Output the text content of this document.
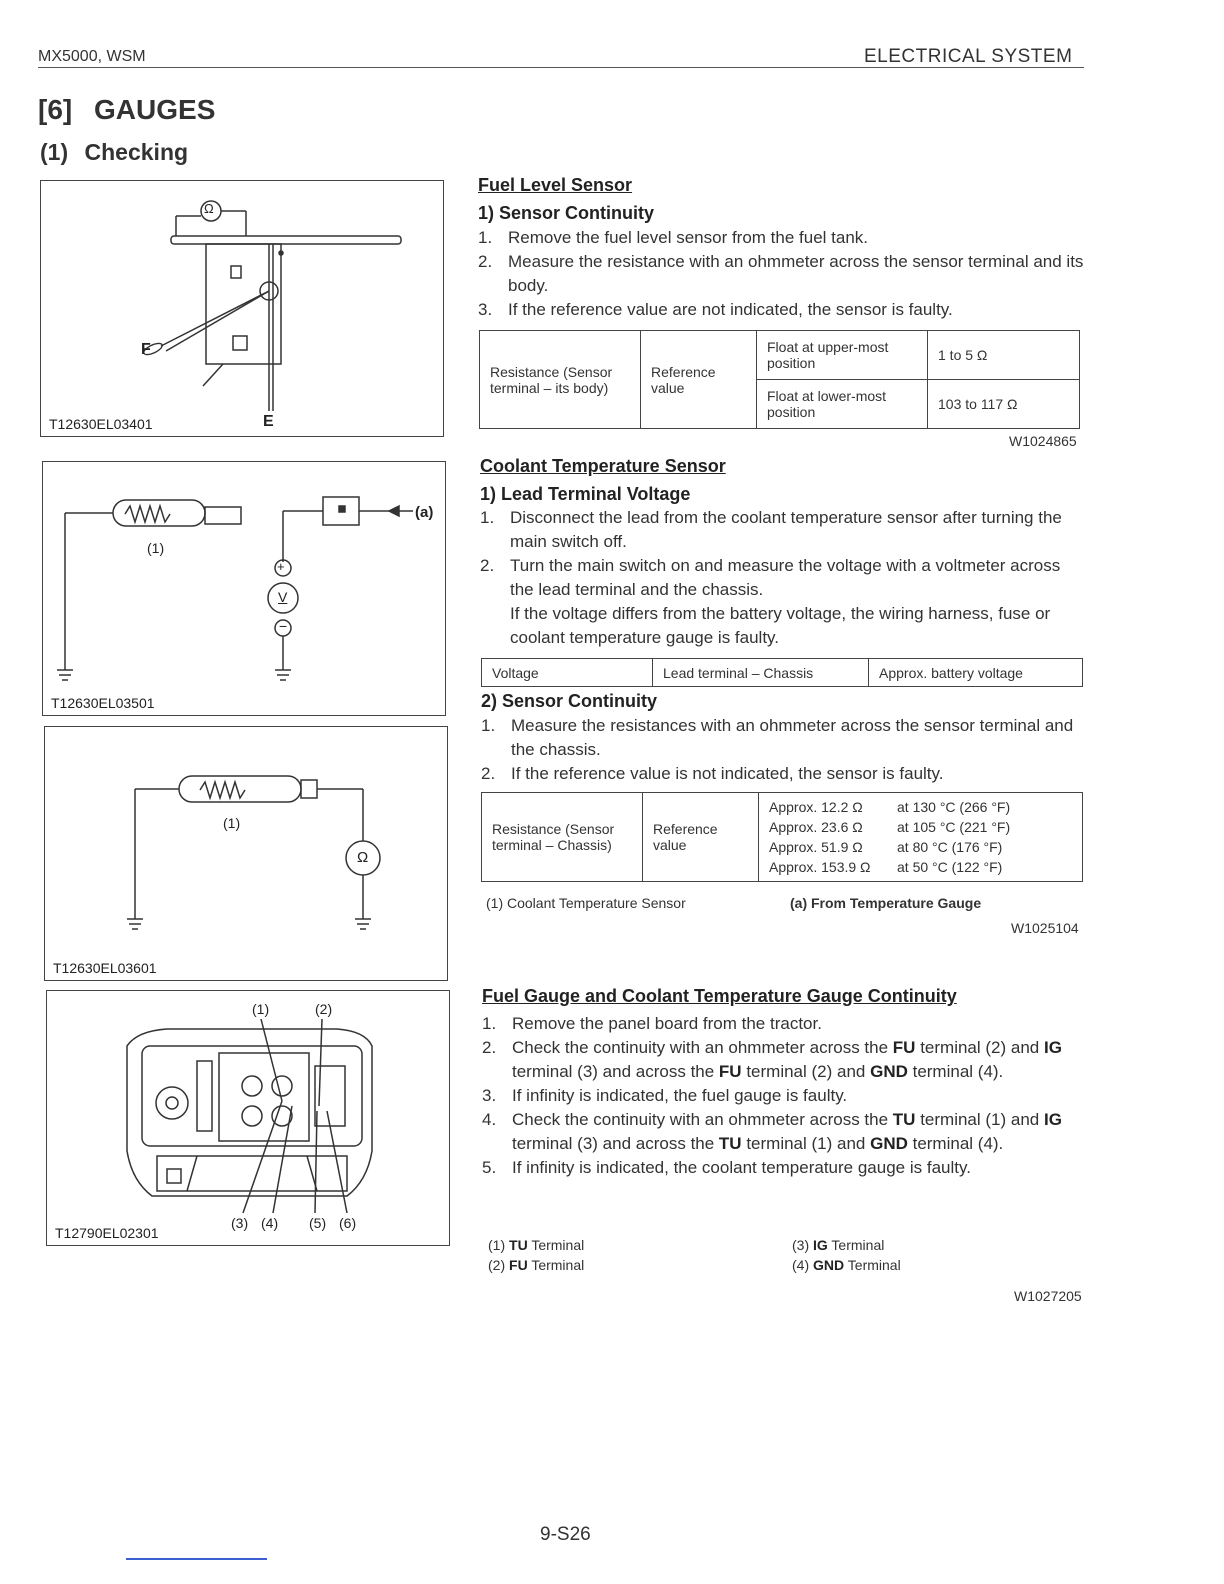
MX5000, WSM	ELECTRICAL SYSTEM
[6] GAUGES
(1) Checking
Ω
F
E
T12630EL03401
+
V
−
(1)
(a)
T12630EL03501
Ω
(1)
T12630EL03601
(1)	(2)
(3) (4) (5) (6)
T12790EL02301
Fuel Level Sensor
1) Sensor Continuity
1. Remove the fuel level sensor from the fuel tank.
2. Measure the resistance with an ohmmeter across the sensor terminal and its body.
3. If the reference value are not indicated, the sensor is faulty.
Resistance (Sensor terminal – its body)	Reference value	Float at upper-most position	1 to 5 Ω
		Float at lower-most position	103 to 117 Ω
W1024865
Coolant Temperature Sensor
1) Lead Terminal Voltage
1. Disconnect the lead from the coolant temperature sensor after turning the main switch off.
2. Turn the main switch on and measure the voltage with a voltmeter across the lead terminal and the chassis.
If the voltage differs from the battery voltage, the wiring harness, fuse or coolant temperature gauge is faulty.
Voltage	Lead terminal – Chassis	Approx. battery voltage
2) Sensor Continuity
1. Measure the resistances with an ohmmeter across the sensor terminal and the chassis.
2. If the reference value is not indicated, the sensor is faulty.
Resistance (Sensor terminal – Chassis)	Reference value	
Approx. 12.2 Ω at 130 °C (266 °F)
Approx. 23.6 Ω at 105 °C (221 °F)
Approx. 51.9 Ω at 80 °C (176 °F)
Approx. 153.9 Ω at 50 °C (122 °F)
(1) Coolant Temperature Sensor	(a) From Temperature Gauge
W1025104
Fuel Gauge and Coolant Temperature Gauge Continuity
1. Remove the panel board from the tractor.
2. Check the continuity with an ohmmeter across the FU terminal (2) and IG terminal (3) and across the FU terminal (2) and GND terminal (4).
3. If infinity is indicated, the fuel gauge is faulty.
4. Check the continuity with an ohmmeter across the TU terminal (1) and IG terminal (3) and across the TU terminal (1) and GND terminal (4).
5. If infinity is indicated, the coolant temperature gauge is faulty.
(1) TU Terminal
(2) FU Terminal
(3) IG Terminal
(4) GND Terminal
W1027205
9-S26
